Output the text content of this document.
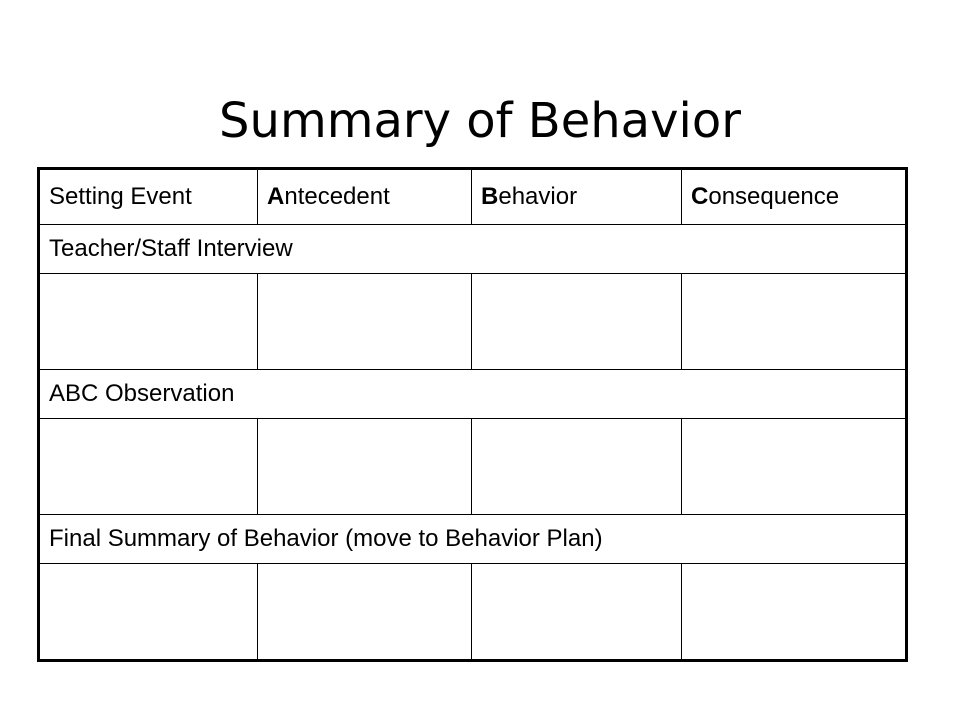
Summary of Behavior
Setting Event	Antecedent	Behavior	Consequence
Teacher/Staff Interview			

ABC Observation			

Final Summary of Behavior (move to Behavior Plan)			
